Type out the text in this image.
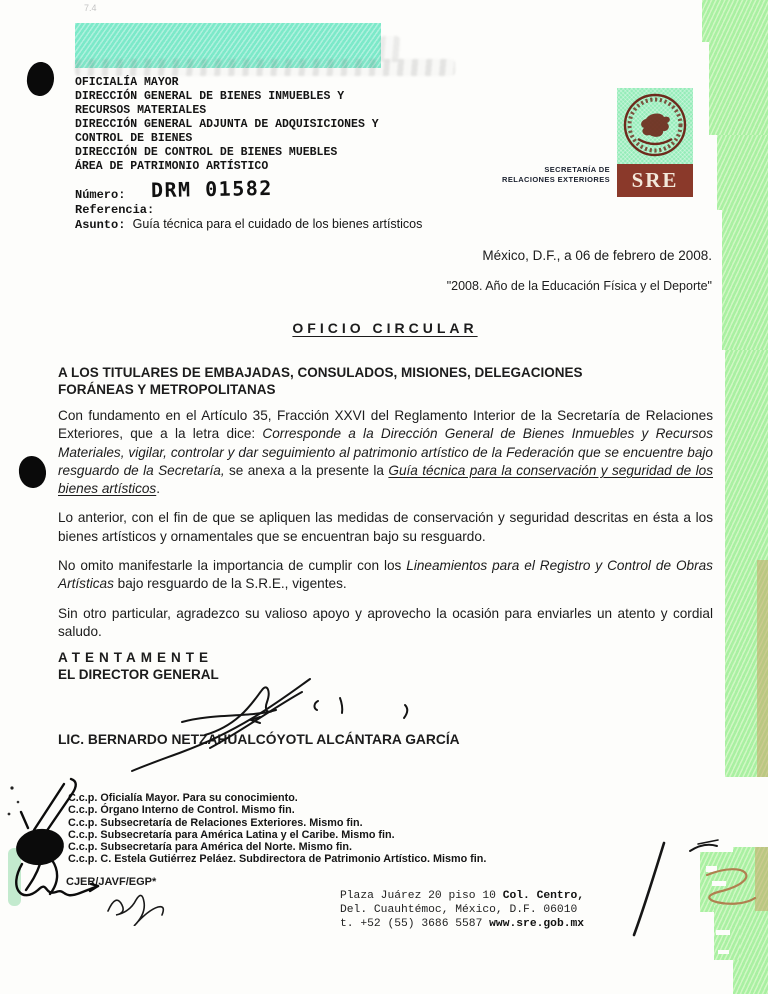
7.4
OFICIALÍA MAYOR
DIRECCIÓN GENERAL DE BIENES INMUEBLES Y
RECURSOS MATERIALES
DIRECCIÓN GENERAL ADJUNTA DE ADQUISICIONES Y
CONTROL DE BIENES
DIRECCIÓN DE CONTROL DE BIENES MUEBLES
ÁREA DE PATRIMONIO ARTÍSTICO
Número: DRM 01582
Referencia:
Asunto: Guía técnica para el cuidado de los bienes artísticos
SECRETARÍA DE
RELACIONES EXTERIORES SRE
México, D.F., a 06 de febrero de 2008.
"2008. Año de la Educación Física y el Deporte"
OFICIO CIRCULAR
A LOS TITULARES DE EMBAJADAS, CONSULADOS, MISIONES, DELEGACIONES
FORÁNEAS Y METROPOLITANAS

Con fundamento en el Artículo 35, Fracción XXVI del Reglamento Interior de la Secretaría de Relaciones Exteriores, que a la letra dice: Corresponde a la Dirección General de Bienes Inmuebles y Recursos Materiales, vigilar, controlar y dar seguimiento al patrimonio artístico de la Federación que se encuentre bajo resguardo de la Secretaría, se anexa a la presente la Guía técnica para la conservación y seguridad de los bienes artísticos.

Lo anterior, con el fin de que se apliquen las medidas de conservación y seguridad descritas en ésta a los bienes artísticos y ornamentales que se encuentran bajo su resguardo.

No omito manifestarle la importancia de cumplir con los Lineamientos para el Registro y Control de Obras Artísticas bajo resguardo de la S.R.E., vigentes.

Sin otro particular, agradezco su valioso apoyo y aprovecho la ocasión para enviarles un atento y cordial saludo.

ATENTAMENTE
EL DIRECTOR GENERAL
LIC. BERNARDO NETZAHUALCÓYOTL ALCÁNTARA GARCÍA
C.c.p. Oficialía Mayor. Para su conocimiento.
C.c.p. Órgano Interno de Control. Mismo fin.
C.c.p. Subsecretaría de Relaciones Exteriores. Mismo fin.
C.c.p. Subsecretaría para América Latina y el Caribe. Mismo fin.
C.c.p. Subsecretaría para América del Norte. Mismo fin.
C.c.p. C. Estela Gutiérrez Peláez. Subdirectora de Patrimonio Artístico. Mismo fin.
CJER/JAVF/EGP*
Plaza Juárez 20 piso 10 Col. Centro,
Del. Cuauhtémoc, México, D.F. 06010
t. +52 (55) 3686 5587 www.sre.gob.mx
